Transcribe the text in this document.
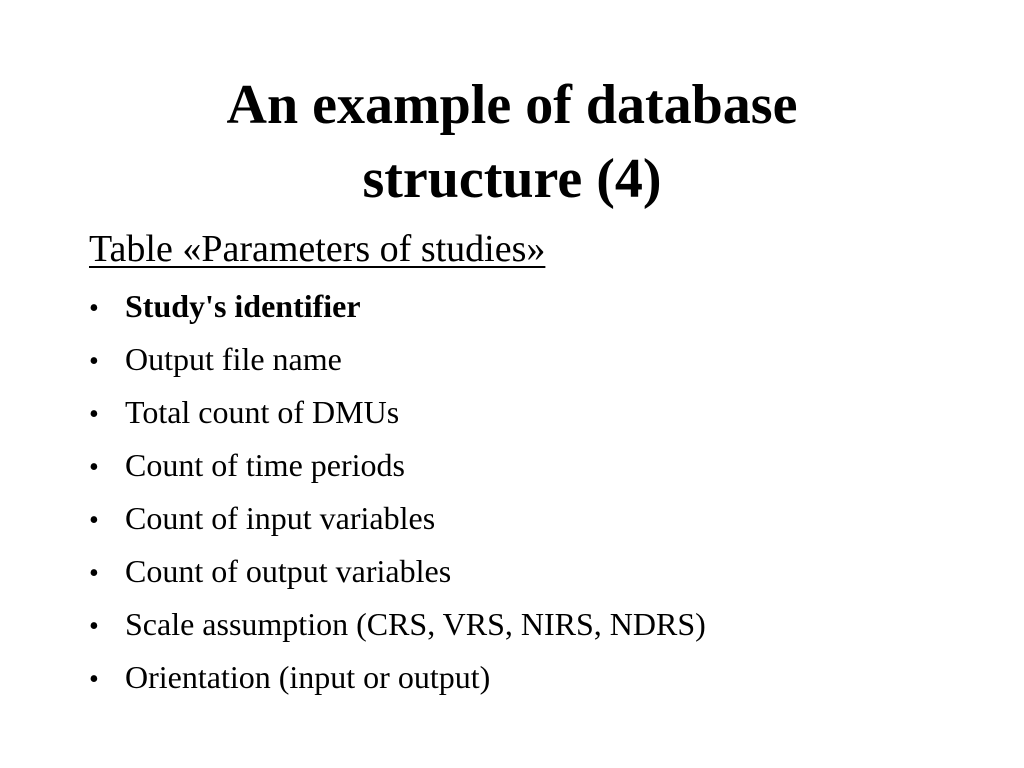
An example of database
structure (4)

Table «Parameters of studies»

• Study's identifier
• Output file name
• Total count of DMUs
• Count of time periods
• Count of input variables
• Count of output variables
• Scale assumption (CRS, VRS, NIRS, NDRS)
• Orientation (input or output)
